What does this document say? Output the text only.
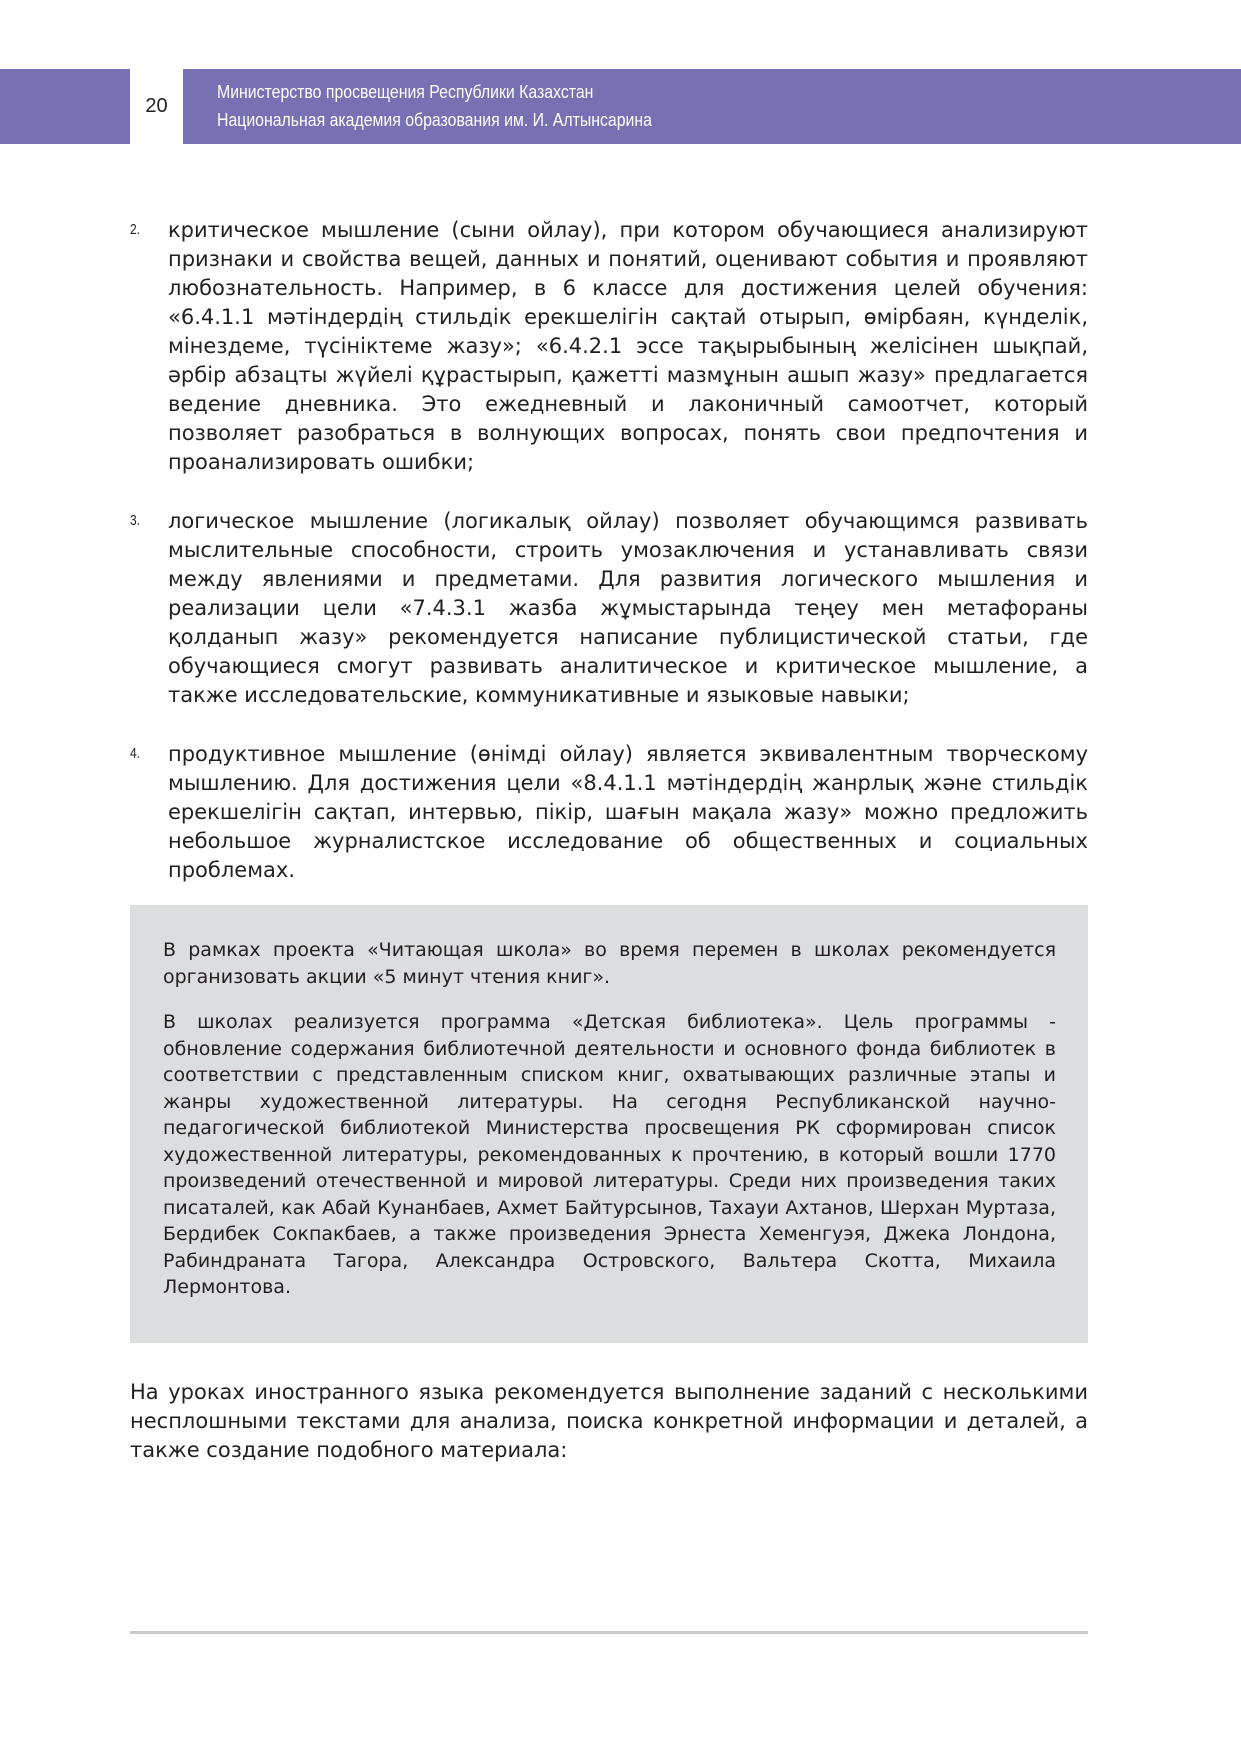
20
Министерство просвещения Республики Казахстан
Национальная академия образования им. И. Алтынсарина
2. критическое мышление (сыни ойлау), при котором обучающиеся анализируют признаки и свойства вещей, данных и понятий, оценивают события и проявляют любознательность. Например, в 6 классе для достижения целей обучения: «6.4.1.1 мәтіндердің стильдік ерекшелігін сақтай отырып, өмірбаян, күнделік, мінездеме, түсініктеме жазу»; «6.4.2.1 эссе тақырыбының желісінен шықпай, әрбір абзацты жүйелі құрастырып, қажетті мазмұнын ашып жазу» предлагается ведение дневника. Это ежедневный и лаконичный самоотчет, который позволяет разобраться в волнующих вопросах, понять свои предпочтения и проанализировать ошибки;
3. логическое мышление (логикалық ойлау) позволяет обучающимся развивать мыслительные способности, строить умозаключения и устанавливать связи между явлениями и предметами. Для развития логического мышления и реализации цели «7.4.3.1 жазба жұмыстарында теңеу мен метафораны қолданып жазу» рекомендуется написание публицистической статьи, где обучающиеся смогут развивать аналитическое и критическое мышление, а также исследовательские, коммуникативные и языковые навыки;
4. продуктивное мышление (өнімді ойлау) является эквивалентным творческому мышлению. Для достижения цели «8.4.1.1 мәтіндердің жанрлық және стильдік ерекшелігін сақтап, интервью, пікір, шағын мақала жазу» можно предложить небольшое журналистское исследование об общественных и социальных проблемах.

В рамках проекта «Читающая школа» во время перемен в школах рекомендуется организовать акции «5 минут чтения книг».

В школах реализуется программа «Детская библиотека». Цель программы - обновление содержания библиотечной деятельности и основного фонда библиотек в соответствии с представленным списком книг, охватывающих различные этапы и жанры художественной литературы. На сегодня Республиканской научно-педагогической библиотекой Министерства просвещения РК сформирован список художественной литературы, рекомендованных к прочтению, в который вошли 1770 произведений отечественной и мировой литературы. Среди них произведения таких писаталей, как Абай Кунанбаев, Ахмет Байтурсынов, Тахауи Ахтанов, Шерхан Муртаза, Бердибек Сокпакбаев, а также произведения Эрнеста Хеменгуэя, Джека Лондона, Рабиндраната Тагора, Александра Островского, Вальтера Скотта, Михаила Лермонтова.

На уроках иностранного языка рекомендуется выполнение заданий с несколькими несплошными текстами для анализа, поиска конкретной информации и деталей, а также создание подобного материала:
